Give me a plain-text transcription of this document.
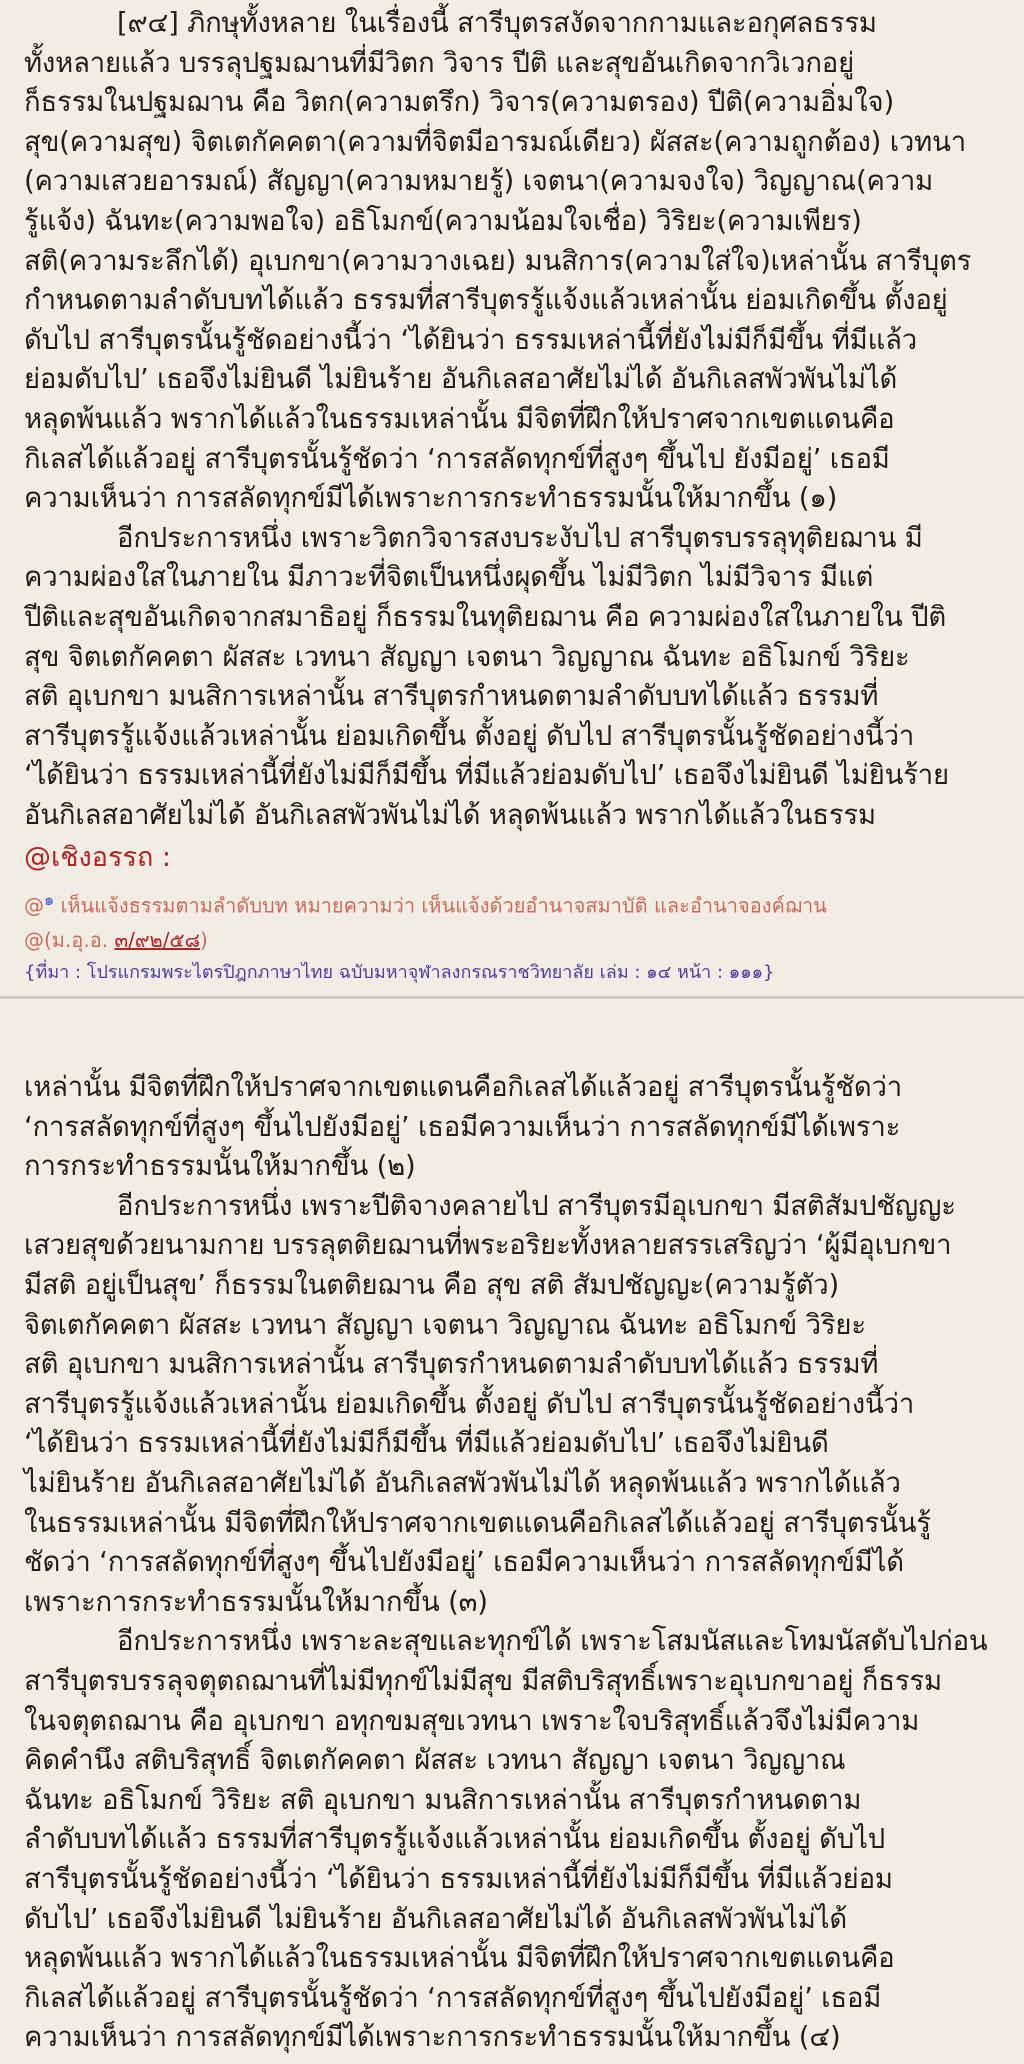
[๙๔] ภิกษุทั้งหลาย ในเรื่องนี้ สารีบุตรสงัดจากกามและอกุศลธรรม
ทั้งหลายแล้ว บรรลุปฐมฌานที่มีวิตก วิจาร ปีติ และสุขอันเกิดจากวิเวกอยู่
ก็ธรรมในปฐมฌาน คือ วิตก(ความตรึก) วิจาร(ความตรอง) ปีติ(ความอิ่มใจ)
สุข(ความสุข) จิตเตกัคคตา(ความที่จิตมีอารมณ์เดียว) ผัสสะ(ความถูกต้อง) เวทนา
(ความเสวยอารมณ์) สัญญา(ความหมายรู้) เจตนา(ความจงใจ) วิญญาณ(ความ
รู้แจ้ง) ฉันทะ(ความพอใจ) อธิโมกข์(ความน้อมใจเชื่อ) วิริยะ(ความเพียร)
สติ(ความระลึกได้) อุเบกขา(ความวางเฉย) มนสิการ(ความใส่ใจ)เหล่านั้น สารีบุตร
กำหนดตามลำดับบทได้แล้ว ธรรมที่สารีบุตรรู้แจ้งแล้วเหล่านั้น ย่อมเกิดขึ้น ตั้งอยู่
ดับไป สารีบุตรนั้นรู้ชัดอย่างนี้ว่า ‘ได้ยินว่า ธรรมเหล่านี้ที่ยังไม่มีก็มีขึ้น ที่มีแล้ว
ย่อมดับไป’ เธอจึงไม่ยินดี ไม่ยินร้าย อันกิเลสอาศัยไม่ได้ อันกิเลสพัวพันไม่ได้
หลุดพ้นแล้ว พรากได้แล้วในธรรมเหล่านั้น มีจิตที่ฝึกให้ปราศจากเขตแดนคือ
กิเลสได้แล้วอยู่ สารีบุตรนั้นรู้ชัดว่า ‘การสลัดทุกข์ที่สูงๆ ขึ้นไป ยังมีอยู่’ เธอมี
ความเห็นว่า การสลัดทุกข์มีได้เพราะการกระทำธรรมนั้นให้มากขึ้น (๑)
อีกประการหนึ่ง เพราะวิตกวิจารสงบระงับไป สารีบุตรบรรลุทุติยฌาน มี
ความผ่องใสในภายใน มีภาวะที่จิตเป็นหนึ่งผุดขึ้น ไม่มีวิตก ไม่มีวิจาร มีแต่
ปีติและสุขอันเกิดจากสมาธิอยู่ ก็ธรรมในทุติยฌาน คือ ความผ่องใสในภายใน ปีติ
สุข จิตเตกัคคตา ผัสสะ เวทนา สัญญา เจตนา วิญญาณ ฉันทะ อธิโมกข์ วิริยะ
สติ อุเบกขา มนสิการเหล่านั้น สารีบุตรกำหนดตามลำดับบทได้แล้ว ธรรมที่
สารีบุตรรู้แจ้งแล้วเหล่านั้น ย่อมเกิดขึ้น ตั้งอยู่ ดับไป สารีบุตรนั้นรู้ชัดอย่างนี้ว่า
‘ได้ยินว่า ธรรมเหล่านี้ที่ยังไม่มีก็มีขึ้น ที่มีแล้วย่อมดับไป’ เธอจึงไม่ยินดี ไม่ยินร้าย
อันกิเลสอาศัยไม่ได้ อันกิเลสพัวพันไม่ได้ หลุดพ้นแล้ว พรากได้แล้วในธรรม
@เชิงอรรถ :
@$^๑$ เห็นแจ้งธรรมตามลำดับบท หมายความว่า เห็นแจ้งด้วยอำนาจสมาบัติ และอำนาจองค์ฌาน
@(ม.อุ.อ. ๓/๙๒/๕๘)
{ที่มา : โปรแกรมพระไตรปิฎกภาษาไทย ฉบับมหาจุฬาลงกรณราชวิทยาลัย เล่ม : ๑๔ หน้า : ๑๑๑}
เหล่านั้น มีจิตที่ฝึกให้ปราศจากเขตแดนคือกิเลสได้แล้วอยู่ สารีบุตรนั้นรู้ชัดว่า
‘การสลัดทุกข์ที่สูงๆ ขึ้นไปยังมีอยู่’ เธอมีความเห็นว่า การสลัดทุกข์มีได้เพราะ
การกระทำธรรมนั้นให้มากขึ้น (๒)
อีกประการหนึ่ง เพราะปีติจางคลายไป สารีบุตรมีอุเบกขา มีสติสัมปชัญญะ
เสวยสุขด้วยนามกาย บรรลุตติยฌานที่พระอริยะทั้งหลายสรรเสริญว่า ‘ผู้มีอุเบกขา
มีสติ อยู่เป็นสุข’ ก็ธรรมในตติยฌาน คือ สุข สติ สัมปชัญญะ(ความรู้ตัว)
จิตเตกัคคตา ผัสสะ เวทนา สัญญา เจตนา วิญญาณ ฉันทะ อธิโมกข์ วิริยะ
สติ อุเบกขา มนสิการเหล่านั้น สารีบุตรกำหนดตามลำดับบทได้แล้ว ธรรมที่
สารีบุตรรู้แจ้งแล้วเหล่านั้น ย่อมเกิดขึ้น ตั้งอยู่ ดับไป สารีบุตรนั้นรู้ชัดอย่างนี้ว่า
‘ได้ยินว่า ธรรมเหล่านี้ที่ยังไม่มีก็มีขึ้น ที่มีแล้วย่อมดับไป’ เธอจึงไม่ยินดี
ไม่ยินร้าย อันกิเลสอาศัยไม่ได้ อันกิเลสพัวพันไม่ได้ หลุดพ้นแล้ว พรากได้แล้ว
ในธรรมเหล่านั้น มีจิตที่ฝึกให้ปราศจากเขตแดนคือกิเลสได้แล้วอยู่ สารีบุตรนั้นรู้
ชัดว่า ‘การสลัดทุกข์ที่สูงๆ ขึ้นไปยังมีอยู่’ เธอมีความเห็นว่า การสลัดทุกข์มีได้
เพราะการกระทำธรรมนั้นให้มากขึ้น (๓)
อีกประการหนึ่ง เพราะละสุขและทุกข์ได้ เพราะโสมนัสและโทมนัสดับไปก่อน
สารีบุตรบรรลุจตุตถฌานที่ไม่มีทุกข์ไม่มีสุข มีสติบริสุทธิ์เพราะอุเบกขาอยู่ ก็ธรรม
ในจตุตถฌาน คือ อุเบกขา อทุกขมสุขเวทนา เพราะใจบริสุทธิ์แล้วจึงไม่มีความ
คิดคำนึง สติบริสุทธิ์ จิตเตกัคคตา ผัสสะ เวทนา สัญญา เจตนา วิญญาณ
ฉันทะ อธิโมกข์ วิริยะ สติ อุเบกขา มนสิการเหล่านั้น สารีบุตรกำหนดตาม
ลำดับบทได้แล้ว ธรรมที่สารีบุตรรู้แจ้งแล้วเหล่านั้น ย่อมเกิดขึ้น ตั้งอยู่ ดับไป
สารีบุตรนั้นรู้ชัดอย่างนี้ว่า ‘ได้ยินว่า ธรรมเหล่านี้ที่ยังไม่มีก็มีขึ้น ที่มีแล้วย่อม
ดับไป’ เธอจึงไม่ยินดี ไม่ยินร้าย อันกิเลสอาศัยไม่ได้ อันกิเลสพัวพันไม่ได้
หลุดพ้นแล้ว พรากได้แล้วในธรรมเหล่านั้น มีจิตที่ฝึกให้ปราศจากเขตแดนคือ
กิเลสได้แล้วอยู่ สารีบุตรนั้นรู้ชัดว่า ‘การสลัดทุกข์ที่สูงๆ ขึ้นไปยังมีอยู่’ เธอมี
ความเห็นว่า การสลัดทุกข์มีได้เพราะการกระทำธรรมนั้นให้มากขึ้น (๔)
